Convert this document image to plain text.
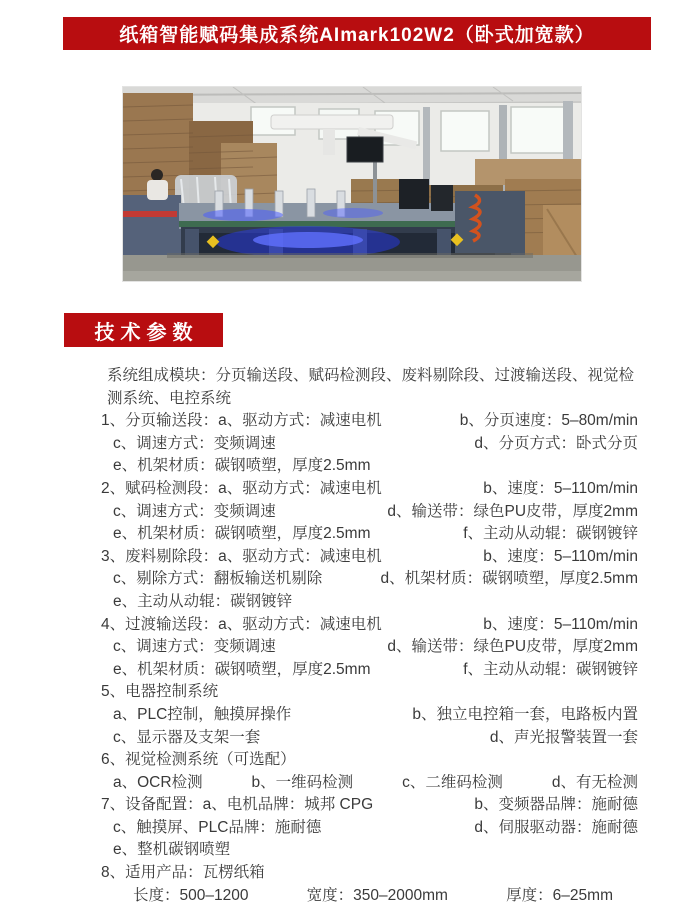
纸箱智能赋码集成系统AImark102W2（卧式加宽款）
技术参数
系统组成模块：分页输送段、赋码检测段、废料剔除段、过渡输送段、视觉检
测系统、电控系统
1、分页输送段：a、驱动方式：减速电机	b、分页速度：5–80m/min
c、调速方式：变频调速	d、分页方式：卧式分页
e、机架材质：碳钢喷塑，厚度2.5mm
2、赋码检测段：a、驱动方式：减速电机	b、速度：5–110m/min
c、调速方式：变频调速	d、输送带：绿色PU皮带，厚度2mm
e、机架材质：碳钢喷塑，厚度2.5mm	f、主动从动辊：碳钢镀锌
3、废料剔除段：a、驱动方式：减速电机	b、速度：5–110m/min
c、剔除方式：翻板输送机剔除	d、机架材质：碳钢喷塑，厚度2.5mm
e、主动从动辊：碳钢镀锌
4、过渡输送段：a、驱动方式：减速电机	b、速度：5–110m/min
c、调速方式：变频调速	d、输送带：绿色PU皮带，厚度2mm
e、机架材质：碳钢喷塑，厚度2.5mm	f、主动从动辊：碳钢镀锌
5、电器控制系统
a、PLC控制，触摸屏操作	b、独立电控箱一套，电路板内置
c、显示器及支架一套	d、声光报警装置一套
6、视觉检测系统（可选配）
a、OCR检测	b、一维码检测	c、二维码检测	d、有无检测
7、设备配置：a、电机品牌：城邦 CPG	b、变频器品牌：施耐德
c、触摸屏、PLC品牌：施耐德	d、伺服驱动器：施耐德
e、整机碳钢喷塑
8、适用产品：瓦楞纸箱
长度：500–1200	宽度：350–2000mm	厚度：6–25mm
